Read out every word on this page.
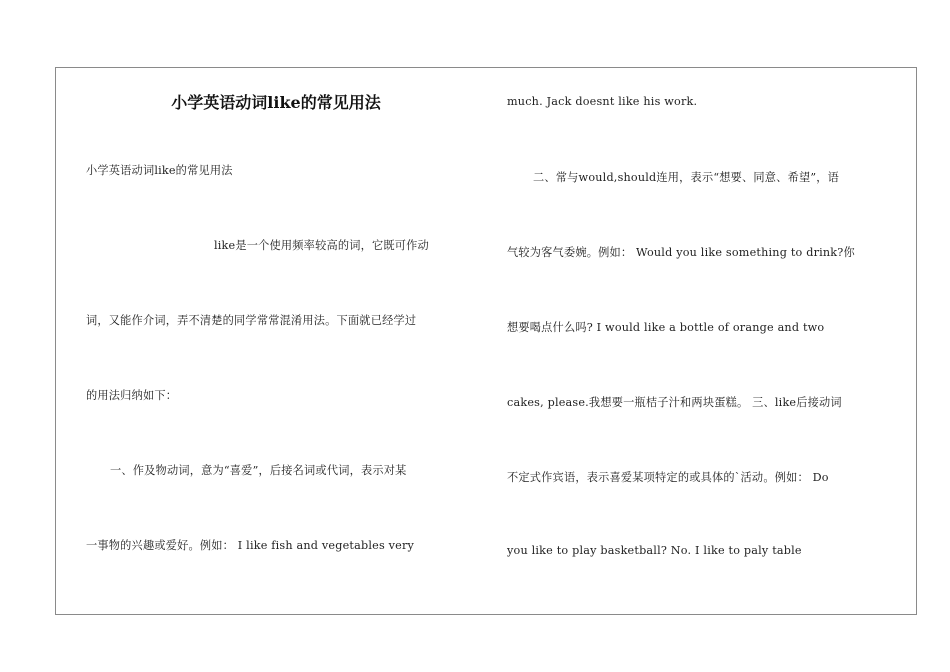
小学英语动词like的常见用法
小学英语动词like的常见用法
like是一个使用频率较高的词，它既可作动
词，又能作介词，弄不清楚的同学常常混淆用法。下面就已经学过
的用法归纳如下：
一、作及物动词，意为“喜爱”，后接名词或代词，表示对某
一事物的兴趣或爱好。例如： I like fish and vegetables very
much. Jack doesnt like his work.
二、常与would,should连用，表示“想要、同意、希望”，语
气较为客气委婉。例如： Would you like something to drink?你
想要喝点什么吗? I would like a bottle of orange and two
cakes, please.我想要一瓶桔子汁和两块蛋糕。 三、like后接动词
不定式作宾语，表示喜爱某项特定的或具体的`活动。例如： Do
you like to play basketball? No. I like to paly table
